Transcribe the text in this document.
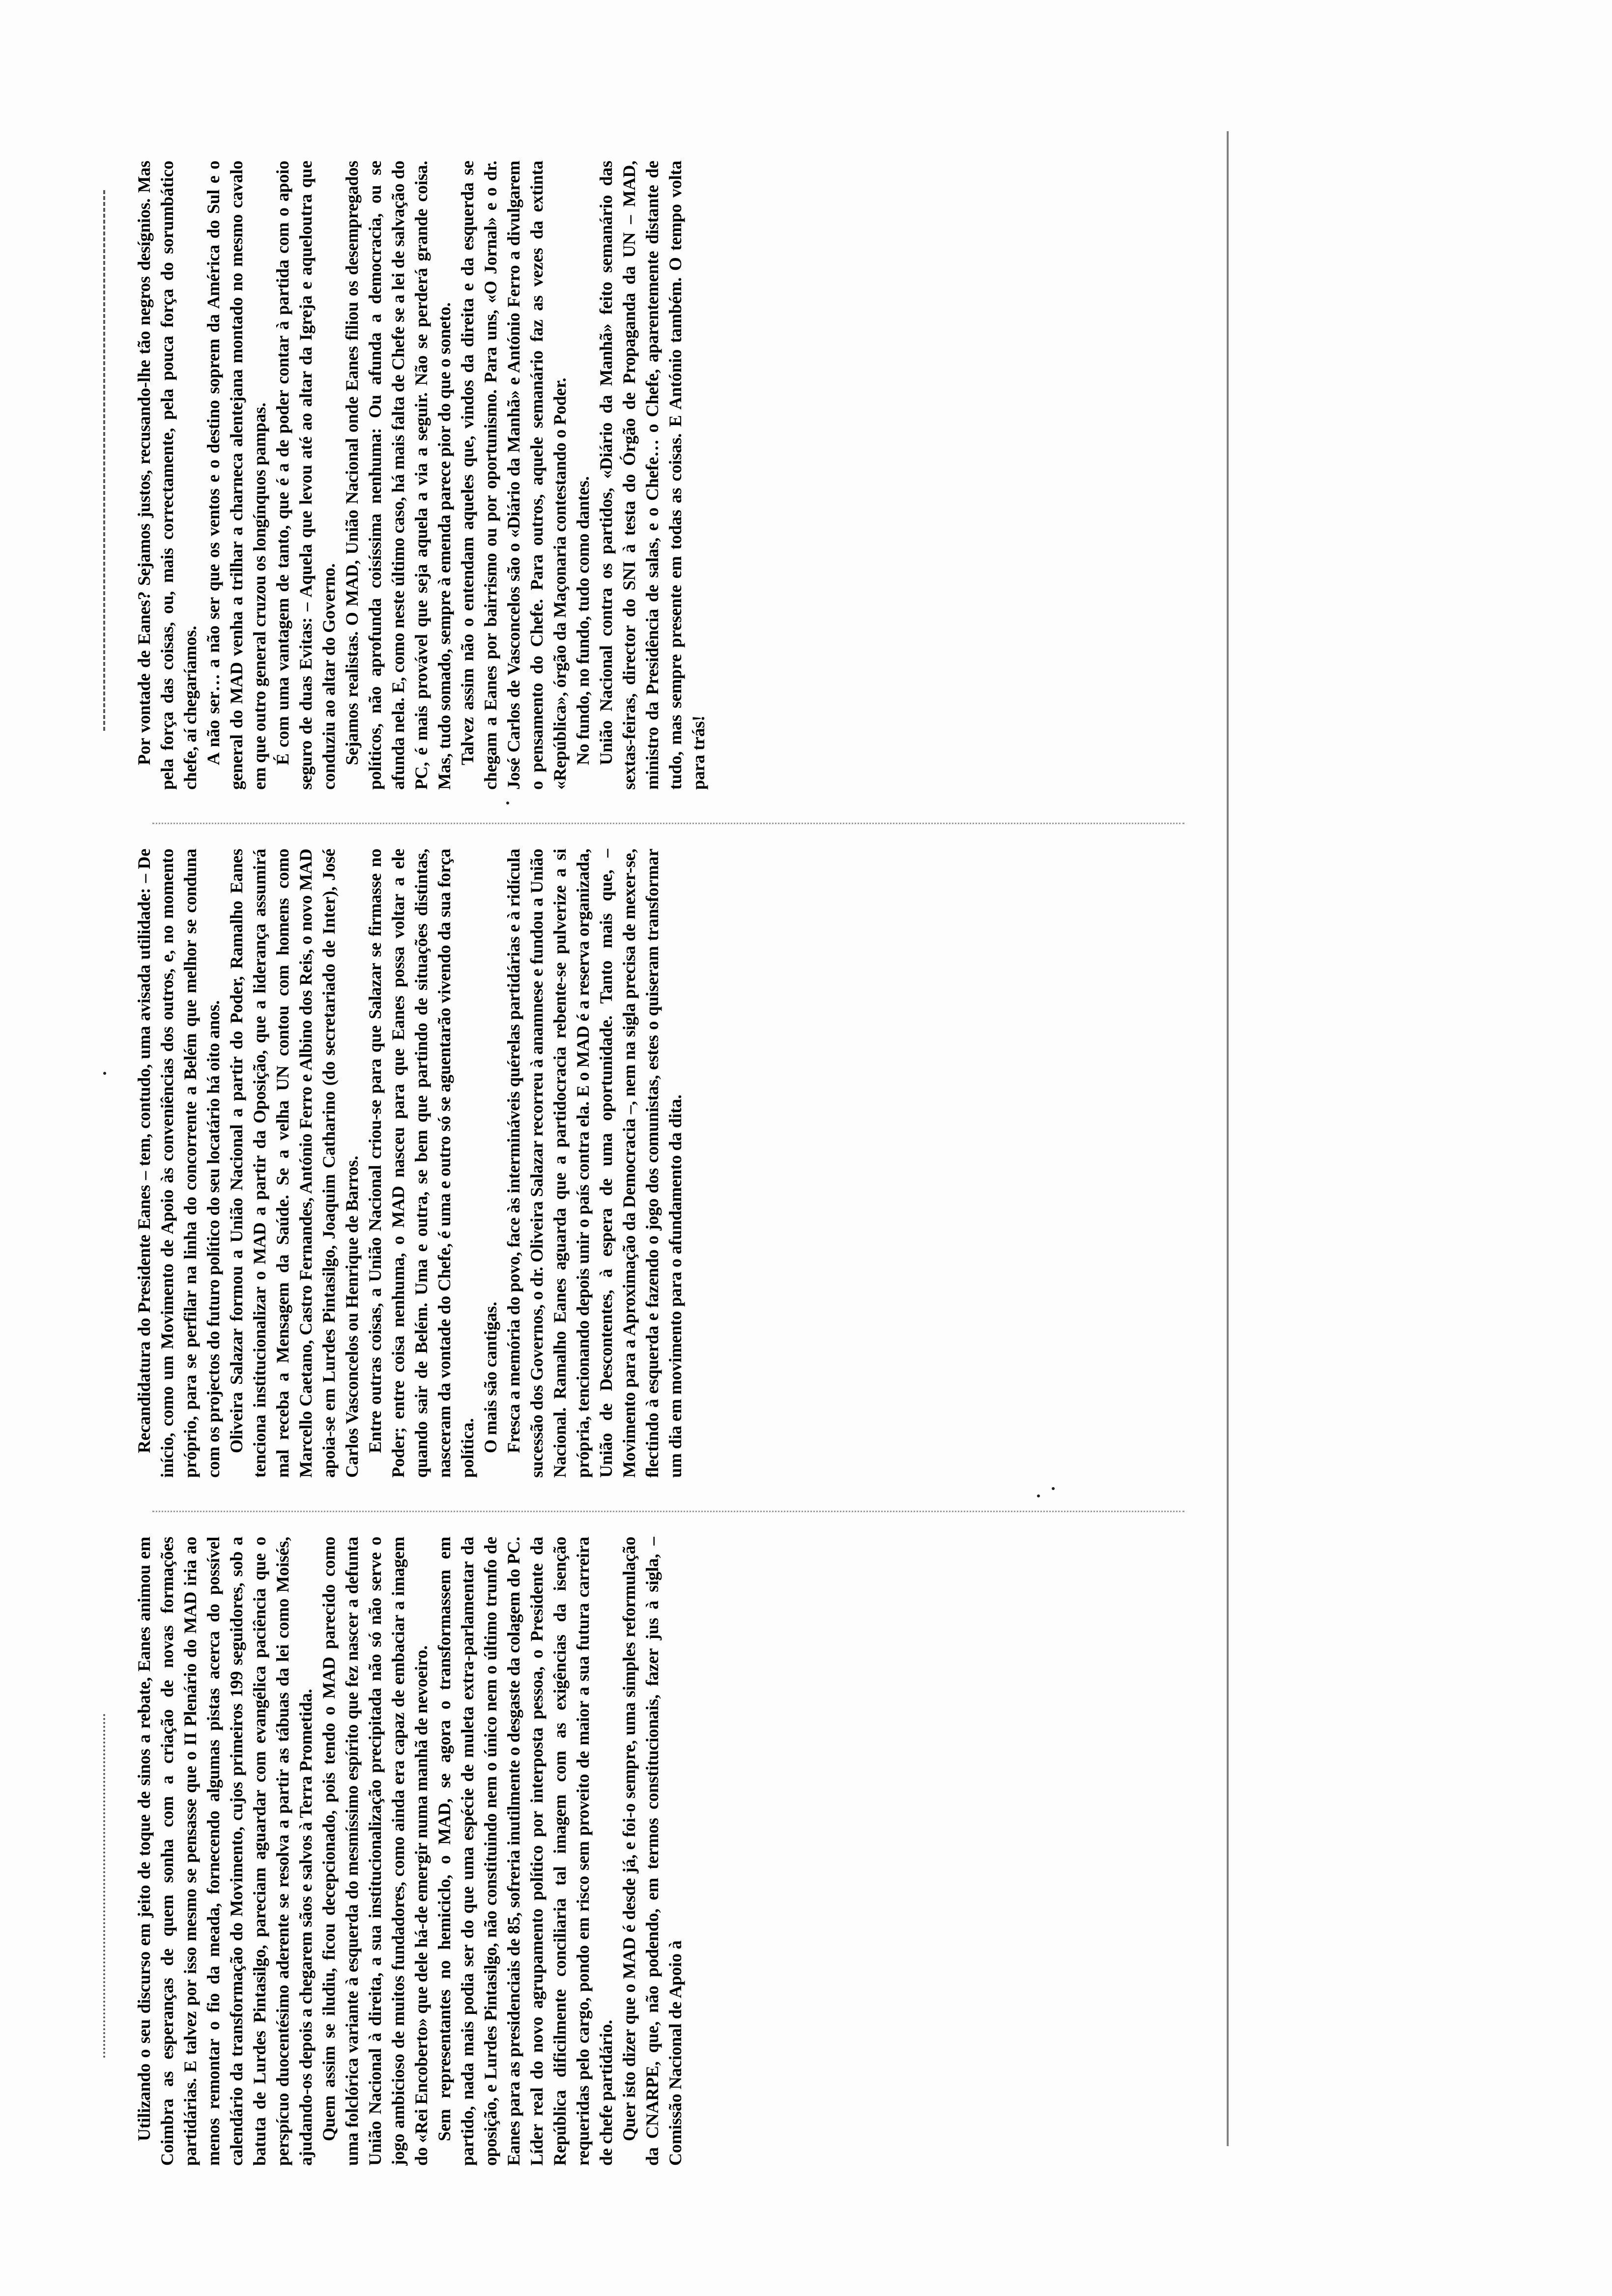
Utilizando o seu discurso em jeito de toque de sinos a rebate, Eanes animou em Coimbra as esperanças de quem sonha com a criação de novas formações partidárias. E talvez por isso mesmo se pensasse que o II Plenário do MAD iria ao menos remontar o fio da meada, fornecendo algumas pistas acerca do possível calendário da transformação do Movimento, cujos primeiros 199 seguidores, sob a batuta de Lurdes Pintasilgo, pareciam aguardar com evangélica paciência que o perspícuo duocentésimo aderente se resolva a partir as tábuas da lei como Moisés, ajudando-os depois a chegarem sãos e salvos à Terra Prometida. Quem assim se iludiu, ficou decepcionado, pois tendo o MAD parecido como uma folclórica variante à esquerda do mesmíssimo espírito que fez nascer a defunta União Nacional à direita, a sua institucionalização precipitada não só não serve o jogo ambicioso de muitos fundadores, como ainda era capaz de embaciar a imagem do «Rei Encoberto» que dele há-de emergir numa manhã de nevoeiro. Sem representantes no hemiciclo, o MAD, se agora o transformassem em partido, nada mais podia ser do que uma espécie de muleta extra-parlamentar da oposição, e Lurdes Pintasilgo, não constituindo nem o único nem o último trunfo de Eanes para as presidenciais de 85, sofreria inutilmente o desgaste da colagem do PC. Líder real do novo agrupamento político por interposta pessoa, o Presidente da República dificilmente conciliaria tal imagem com as exigências da isenção requeridas pelo cargo, pondo em risco sem proveito de maior a sua futura carreira de chefe partidário. Quer isto dizer que o MAD é desde já, e foi-o sempre, uma simples reformulação da CNARPE, que, não podendo, em termos constitucionais, fazer jus à sigla, – Comissão Nacional de Apoio à

Recandidatura do Presidente Eanes – tem, contudo, uma avisada utilidade: – De início, como um Movimento de Apoio às conveniências dos outros, e, no momento próprio, para se perfilar na linha do concorrente a Belém que melhor se conduna com os projectos do futuro político do seu locatário há oito anos. Oliveira Salazar formou a União Nacional a partir do Poder, Ramalho Eanes tenciona institucionalizar o MAD a partir da Oposição, que a liderança assumirá mal receba a Mensagem da Saúde. Se a velha UN contou com homens como Marcello Caetano, Castro Fernandes, António Ferro e Albino dos Reis, o novo MAD apoia-se em Lurdes Pintasilgo, Joaquim Catharino (do secretariado de Inter), José Carlos Vasconcelos ou Henrique de Barros. Entre outras coisas, a União Nacional criou-se para que Salazar se firmasse no Poder; entre coisa nenhuma, o MAD nasceu para que Eanes possa voltar a ele quando sair de Belém. Uma e outra, se bem que partindo de situações distintas, nasceram da vontade do Chefe, é uma e outro só se aguentarão vivendo da sua força política. O mais são cantigas. Fresca a memória do povo, face às intermináveis quérelas partidárias e à ridícula sucessão dos Governos, o dr. Oliveira Salazar recorreu à anamnese e fundou a União Nacional. Ramalho Eanes aguarda que a partidocracia rebente-se pulverize a si própria, tencionando depois unir o país contra ela. E o MAD é a reserva organizada, União de Descontentes, à espera de uma oportunidade. Tanto mais que, – Movimento para a Aproximação da Democracia –, nem na sigla precisa de mexer-se, flectindo à esquerda e fazendo o jogo dos comunistas, estes o quiseram transformar um dia em movimento para o afundamento da dita.

Por vontade de Eanes? Sejamos justos, recusando-lhe tão negros desígnios. Mas pela força das coisas, ou, mais correctamente, pela pouca força do sorumbático chefe, aí chegaríamos. A não ser… a não ser que os ventos e o destino soprem da América do Sul e o general do MAD venha a trilhar a charneca alentejana montado no mesmo cavalo em que outro general cruzou os longínquos pampas. É com uma vantagem de tanto, que é a de poder contar à partida com o apoio seguro de duas Evitas: – Aquela que levou até ao altar da Igreja e aqueloutra que conduziu ao altar do Governo. Sejamos realistas. O MAD, União Nacional onde Eanes filiou os desempregados políticos, não aprofunda coisíssima nenhuma: Ou afunda a democracia, ou se afunda nela. E, como neste último caso, há mais falta de Chefe se a lei de salvação do PC, é mais provável que seja aquela a via a seguir. Não se perderá grande coisa. Mas, tudo somado, sempre à emenda parece pior do que o soneto. Talvez assim não o entendam aqueles que, vindos da direita e da esquerda se chegam a Eanes por bairrismo ou por oportunismo. Para uns, «O Jornal» e o dr. José Carlos de Vasconcelos são o «Diário da Manhã» e António Ferro a divulgarem o pensamento do Chefe. Para outros, aquele semanário faz as vezes da extinta «República», órgão da Maçonaria contestando o Poder. No fundo, no fundo, tudo como dantes. União Nacional contra os partidos, «Diário da Manhã» feito semanário das sextas-feiras, director do SNI à testa do Órgão de Propaganda da UN – MAD, ministro da Presidência de salas, e o Chefe… o Chefe, aparentemente distante de tudo, mas sempre presente em todas as coisas. E António também. O tempo volta para trás!
